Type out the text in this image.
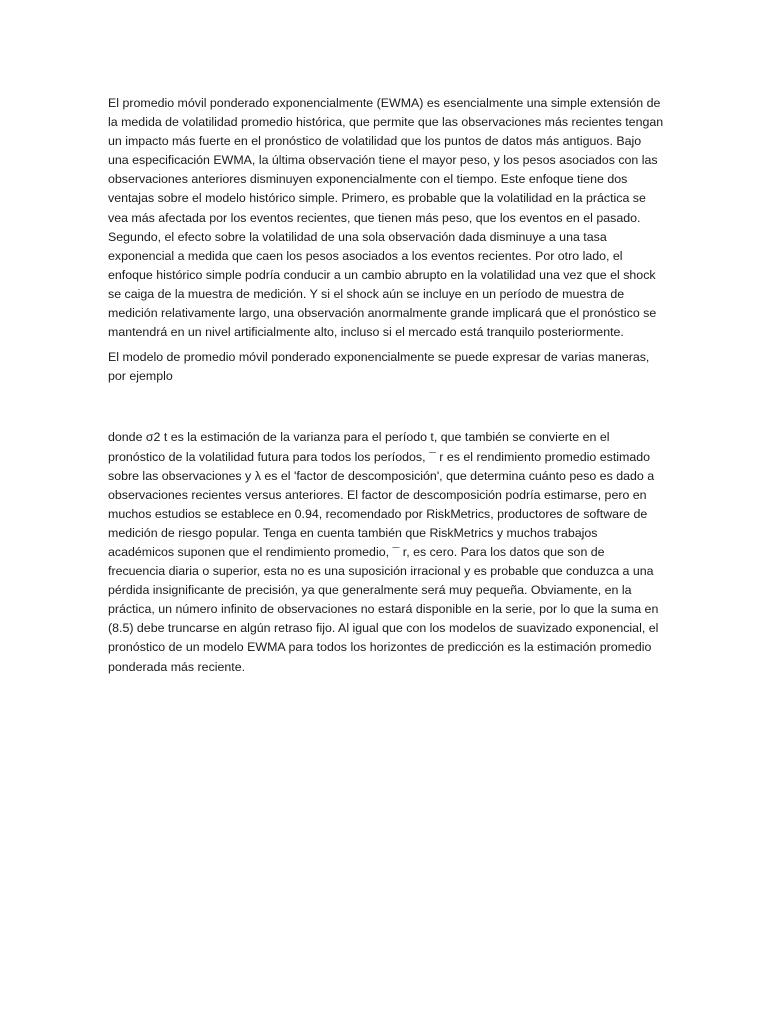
El promedio móvil ponderado exponencialmente (EWMA) es esencialmente una simple extensión de la medida de volatilidad promedio histórica, que permite que las observaciones más recientes tengan un impacto más fuerte en el pronóstico de volatilidad que los puntos de datos más antiguos. Bajo una especificación EWMA, la última observación tiene el mayor peso, y los pesos asociados con las observaciones anteriores disminuyen exponencialmente con el tiempo. Este enfoque tiene dos ventajas sobre el modelo histórico simple. Primero, es probable que la volatilidad en la práctica se vea más afectada por los eventos recientes, que tienen más peso, que los eventos en el pasado. Segundo, el efecto sobre la volatilidad de una sola observación dada disminuye a una tasa exponencial a medida que caen los pesos asociados a los eventos recientes. Por otro lado, el enfoque histórico simple podría conducir a un cambio abrupto en la volatilidad una vez que el shock se caiga de la muestra de medición. Y si el shock aún se incluye en un período de muestra de medición relativamente largo, una observación anormalmente grande implicará que el pronóstico se mantendrá en un nivel artificialmente alto, incluso si el mercado está tranquilo posteriormente.

El modelo de promedio móvil ponderado exponencialmente se puede expresar de varias maneras, por ejemplo

donde σ2 t es la estimación de la varianza para el período t, que también se convierte en el pronóstico de la volatilidad futura para todos los períodos, ¯ r es el rendimiento promedio estimado sobre las observaciones y λ es el 'factor de descomposición', que determina cuánto peso es dado a observaciones recientes versus anteriores. El factor de descomposición podría estimarse, pero en muchos estudios se establece en 0.94, recomendado por RiskMetrics, productores de software de medición de riesgo popular. Tenga en cuenta también que RiskMetrics y muchos trabajos académicos suponen que el rendimiento promedio, ¯ r, es cero. Para los datos que son de frecuencia diaria o superior, esta no es una suposición irracional y es probable que conduzca a una pérdida insignificante de precisión, ya que generalmente será muy pequeña. Obviamente, en la práctica, un número infinito de observaciones no estará disponible en la serie, por lo que la suma en (8.5) debe truncarse en algún retraso fijo. Al igual que con los modelos de suavizado exponencial, el pronóstico de un modelo EWMA para todos los horizontes de predicción es la estimación promedio ponderada más reciente.
